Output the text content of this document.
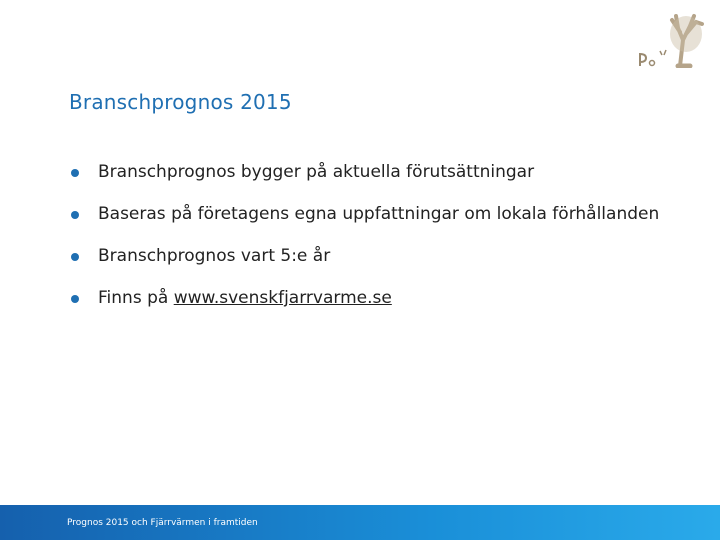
Branschprognos 2015
Branschprognos bygger på aktuella förutsättningar
Baseras på företagens egna uppfattningar om lokala förhållanden
Branschprognos vart 5:e år
Finns på www.svenskfjarrvarme.se
Prognos 2015 och Fjärrvärmen i framtiden
